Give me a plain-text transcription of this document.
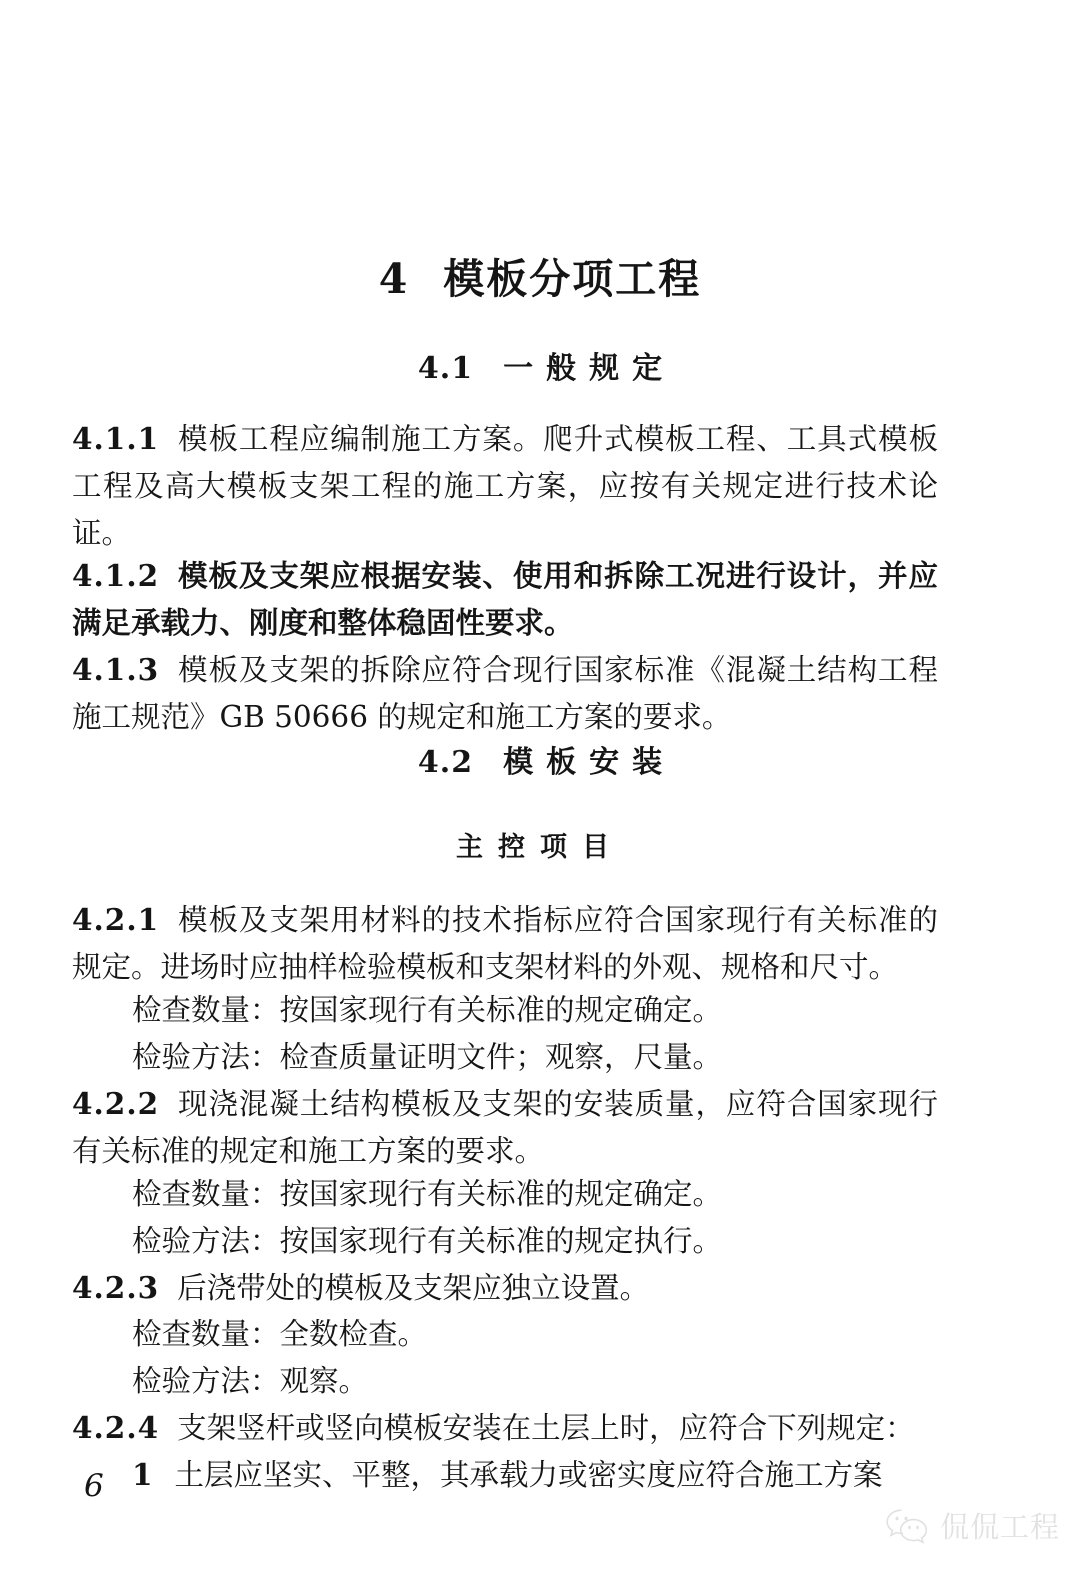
4 模板分项工程
4.1 一般规定

4.1.1 模板工程应编制施工方案。爬升式模板工程、工具式模板工程及高大模板支架工程的施工方案，应按有关规定进行技术论证。

4.1.2 模板及支架应根据安装、使用和拆除工况进行设计，并应满足承载力、刚度和整体稳固性要求。

4.1.3 模板及支架的拆除应符合现行国家标准《混凝土结构工程施工规范》GB 50666 的规定和施工方案的要求。

4.2 模板安装
主控项目

4.2.1 模板及支架用材料的技术指标应符合国家现行有关标准的规定。进场时应抽样检验模板和支架材料的外观、规格和尺寸。

检查数量：按国家现行有关标准的规定确定。

检验方法：检查质量证明文件；观察，尺量。

4.2.2 现浇混凝土结构模板及支架的安装质量，应符合国家现行有关标准的规定和施工方案的要求。

检查数量：按国家现行有关标准的规定确定。

检验方法：按国家现行有关标准的规定执行。

4.2.3 后浇带处的模板及支架应独立设置。

检查数量：全数检查。

检验方法：观察。

4.2.4 支架竖杆或竖向模板安装在土层上时，应符合下列规定：

1 土层应坚实、平整，其承载力或密实度应符合施工方案

6
侃侃工程
